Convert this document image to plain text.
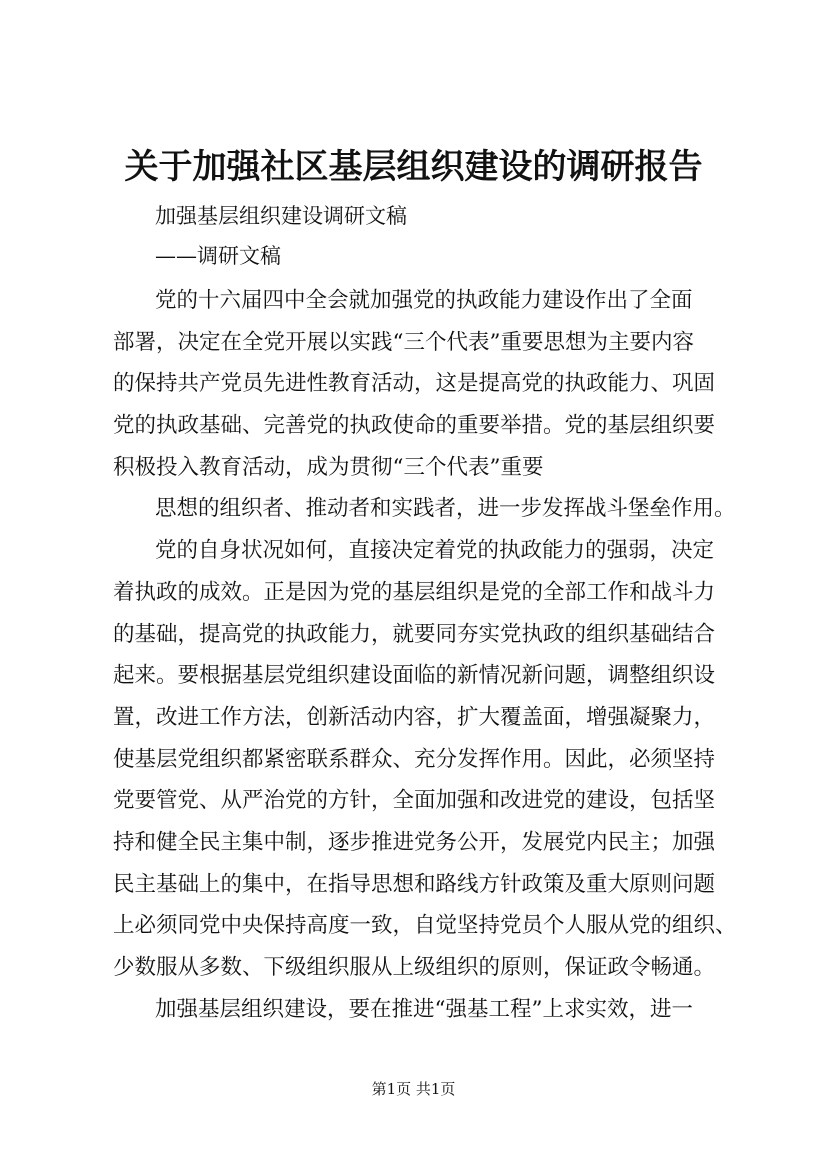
关于加强社区基层组织建设的调研报告
加强基层组织建设调研文稿
——调研文稿
党的十六届四中全会就加强党的执政能力建设作出了全面
部署，决定在全党开展以实践“三个代表”重要思想为主要内容
的保持共产党员先进性教育活动，这是提高党的执政能力、巩固
党的执政基础、完善党的执政使命的重要举措。党的基层组织要
积极投入教育活动，成为贯彻“三个代表”重要
思想的组织者、推动者和实践者，进一步发挥战斗堡垒作用。
党的自身状况如何，直接决定着党的执政能力的强弱，决定
着执政的成效。正是因为党的基层组织是党的全部工作和战斗力
的基础，提高党的执政能力，就要同夯实党执政的组织基础结合
起来。要根据基层党组织建设面临的新情况新问题，调整组织设
置，改进工作方法，创新活动内容，扩大覆盖面，增强凝聚力，
使基层党组织都紧密联系群众、充分发挥作用。因此，必须坚持
党要管党、从严治党的方针，全面加强和改进党的建设，包括坚
持和健全民主集中制，逐步推进党务公开，发展党内民主；加强
民主基础上的集中，在指导思想和路线方针政策及重大原则问题
上必须同党中央保持高度一致，自觉坚持党员个人服从党的组织、
少数服从多数、下级组织服从上级组织的原则，保证政令畅通。
加强基层组织建设，要在推进“强基工程”上求实效，进一
第1页 共1页
